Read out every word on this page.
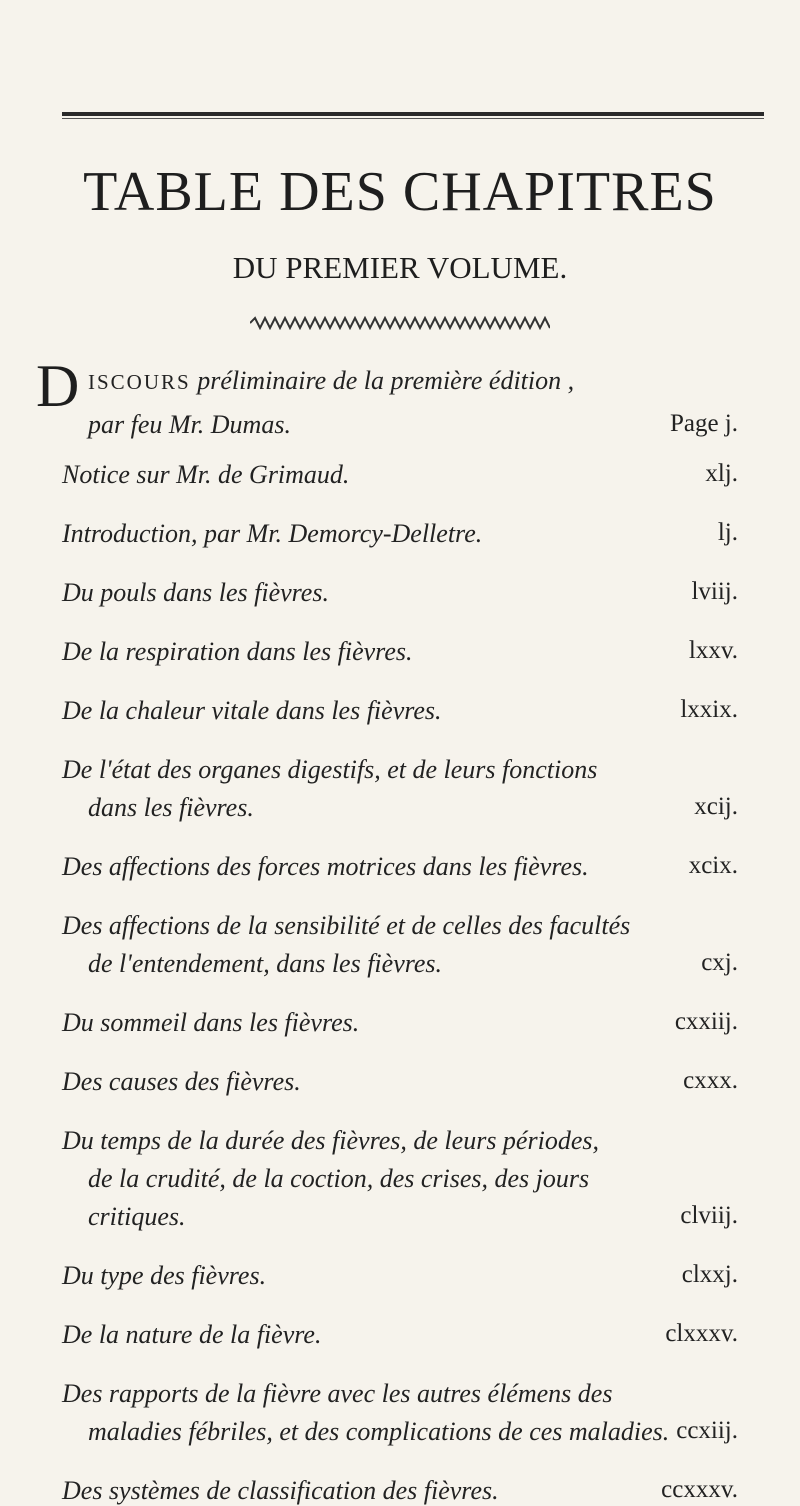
TABLE DES CHAPITRES
DU PREMIER VOLUME.
D ISCOURS préliminaire de la première édition ,
par feu Mr. Dumas.	Page j.
Notice sur Mr. de Grimaud.	xlj.
Introduction, par Mr. Demorcy-Delletre.	lj.
Du pouls dans les fièvres.	lviij.
De la respiration dans les fièvres.	lxxv.
De la chaleur vitale dans les fièvres.	lxxix.
De l'état des organes digestifs, et de leurs fonctions
dans les fièvres.	xcij.
Des affections des forces motrices dans les fièvres.	xcix.
Des affections de la sensibilité et de celles des facultés
de l'entendement, dans les fièvres.	cxj.
Du sommeil dans les fièvres.	cxxiij.
Des causes des fièvres.	cxxx.
Du temps de la durée des fièvres, de leurs périodes,
de la crudité, de la coction, des crises, des jours
critiques.	clviij.
Du type des fièvres.	clxxj.
De la nature de la fièvre.	clxxxv.
Des rapports de la fièvre avec les autres élémens des
maladies fébriles, et des complications de ces maladies. ccxiij.
Des systèmes de classification des fièvres.	ccxxxv.
